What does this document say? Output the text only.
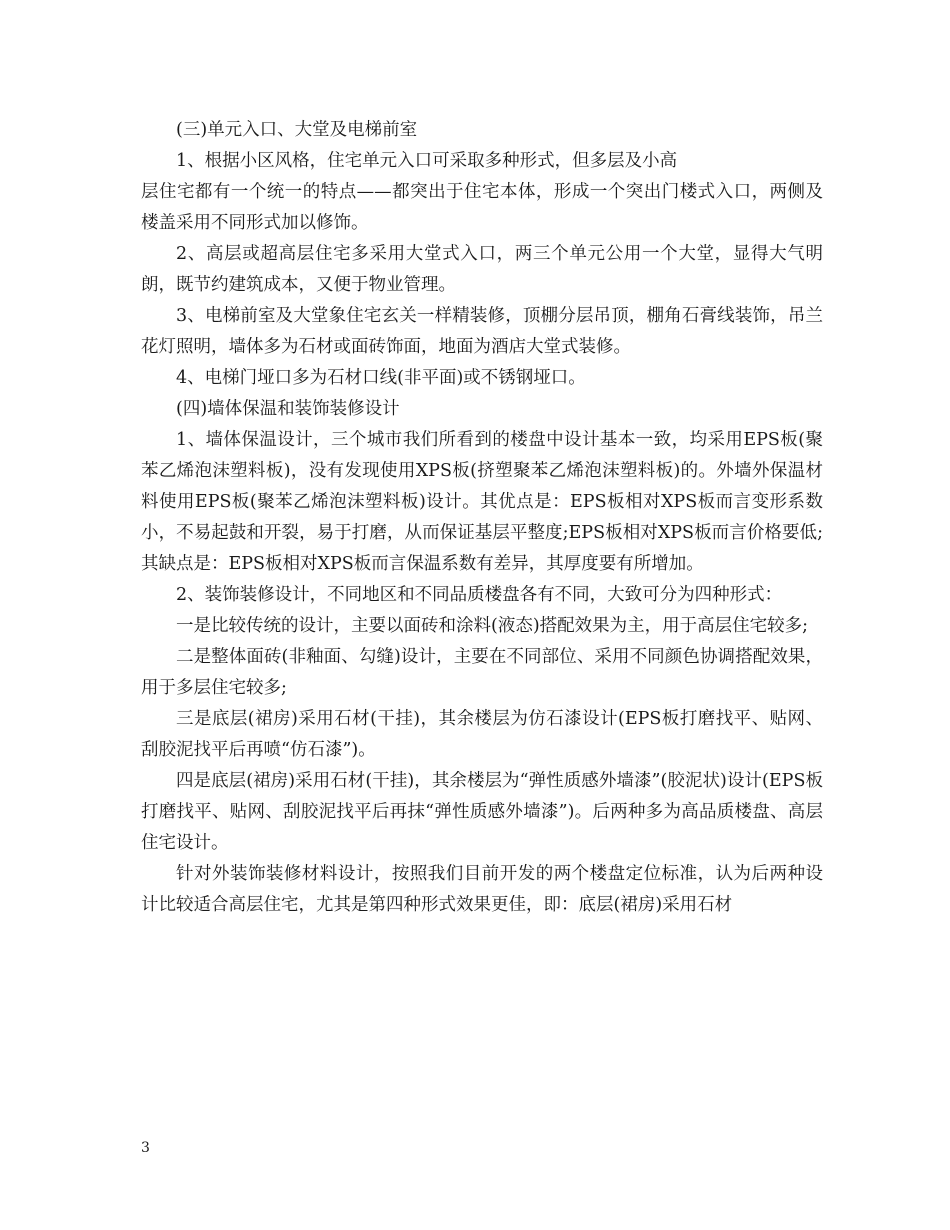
(三)单元入口、大堂及电梯前室

1、根据小区风格，住宅单元入口可采取多种形式，但多层及小高

层住宅都有一个统一的特点——都突出于住宅本体，形成一个突出门楼式入口，两侧及楼盖采用不同形式加以修饰。

2、高层或超高层住宅多采用大堂式入口，两三个单元公用一个大堂，显得大气明朗，既节约建筑成本，又便于物业管理。

3、电梯前室及大堂象住宅玄关一样精装修，顶棚分层吊顶，棚角石膏线装饰，吊兰花灯照明，墙体多为石材或面砖饰面，地面为酒店大堂式装修。

4、电梯门垭口多为石材口线(非平面)或不锈钢垭口。

(四)墙体保温和装饰装修设计

1、墙体保温设计，三个城市我们所看到的楼盘中设计基本一致，均采用EPS板(聚苯乙烯泡沫塑料板)，没有发现使用XPS板(挤塑聚苯乙烯泡沫塑料板)的。外墙外保温材料使用EPS板(聚苯乙烯泡沫塑料板)设计。其优点是：EPS板相对XPS板而言变形系数小，不易起鼓和开裂，易于打磨，从而保证基层平整度;EPS板相对XPS板而言价格要低;其缺点是：EPS板相对XPS板而言保温系数有差异，其厚度要有所增加。

2、装饰装修设计，不同地区和不同品质楼盘各有不同，大致可分为四种形式：

一是比较传统的设计，主要以面砖和涂料(液态)搭配效果为主，用于高层住宅较多;

二是整体面砖(非釉面、勾缝)设计，主要在不同部位、采用不同颜色协调搭配效果，用于多层住宅较多;

三是底层(裙房)采用石材(干挂)，其余楼层为仿石漆设计(EPS板打磨找平、贴网、刮胶泥找平后再喷“仿石漆”)。

四是底层(裙房)采用石材(干挂)，其余楼层为“弹性质感外墙漆”(胶泥状)设计(EPS板打磨找平、贴网、刮胶泥找平后再抹“弹性质感外墙漆”)。后两种多为高品质楼盘、高层住宅设计。

针对外装饰装修材料设计，按照我们目前开发的两个楼盘定位标准，认为后两种设计比较适合高层住宅，尤其是第四种形式效果更佳，即：底层(裙房)采用石材

3
